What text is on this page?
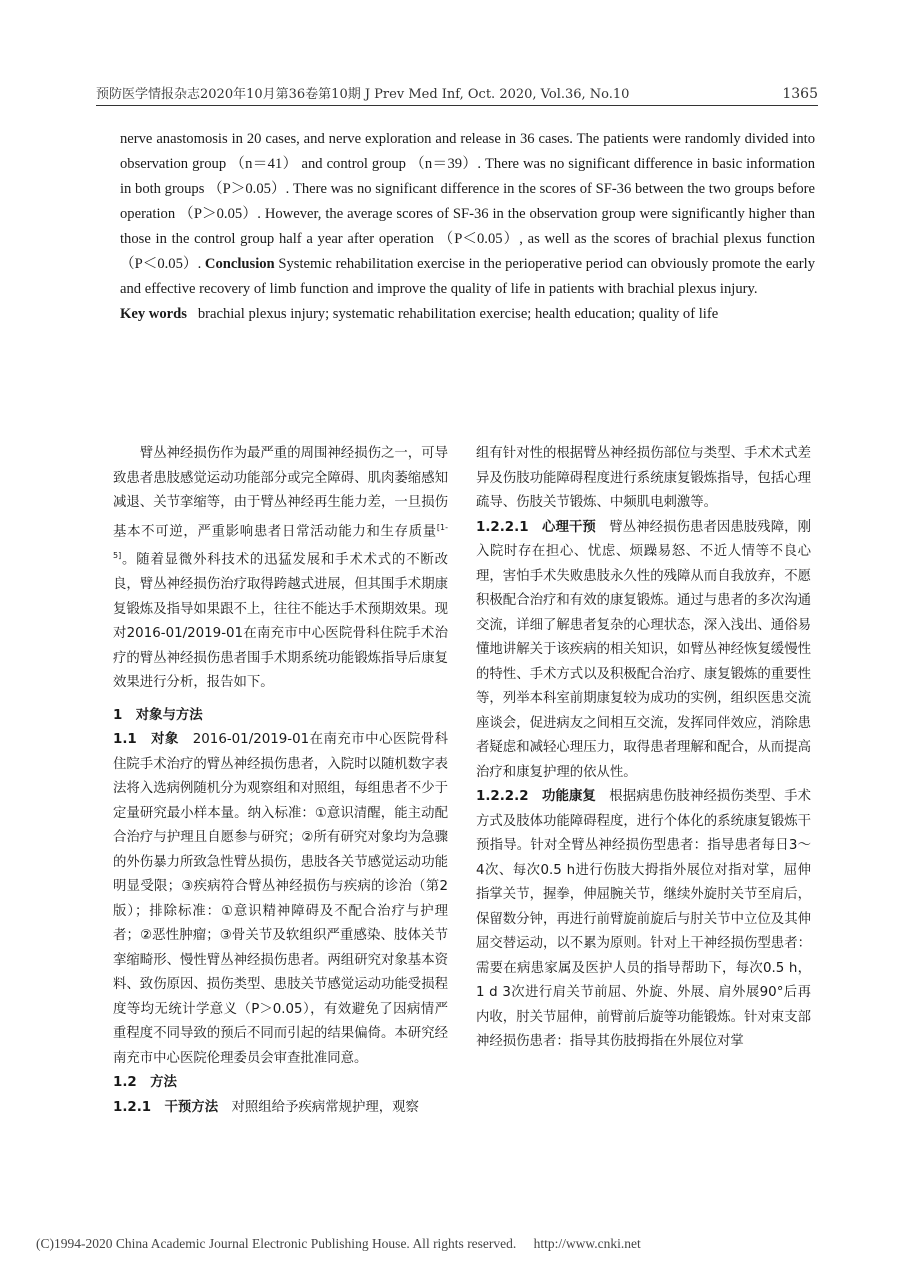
预防医学情报杂志2020年10月第36卷第10期 J Prev Med Inf, Oct. 2020, Vol.36, No.10	1365

nerve anastomosis in 20 cases, and nerve exploration and release in 36 cases. The patients were randomly divided into observation group （n＝41） and control group （n＝39）. There was no significant difference in basic information in both groups （P＞0.05）. There was no significant difference in the scores of SF-36 between the two groups before operation （P＞0.05）. However, the average scores of SF-36 in the observation group were significantly higher than those in the control group half a year after operation （P＜0.05）, as well as the scores of brachial plexus function （P＜0.05）. Conclusion Systemic rehabilitation exercise in the perioperative period can obviously promote the early and effective recovery of limb function and improve the quality of life in patients with brachial plexus injury.

Key words brachial plexus injury; systematic rehabilitation exercise; health education; quality of life

臂丛神经损伤作为最严重的周围神经损伤之一，可导致患者患肢感觉运动功能部分或完全障碍、肌肉萎缩感知减退、关节挛缩等，由于臂丛神经再生能力差，一旦损伤基本不可逆，严重影响患者日常活动能力和生存质量[1-5]。随着显微外科技术的迅猛发展和手术术式的不断改良，臂丛神经损伤治疗取得跨越式进展，但其围手术期康复锻炼及指导如果跟不上，往往不能达手术预期效果。现对2016-01/2019-01在南充市中心医院骨科住院手术治疗的臂丛神经损伤患者围手术期系统功能锻炼指导后康复效果进行分析，报告如下。

1　对象与方法

1.1　对象　2016-01/2019-01在南充市中心医院骨科住院手术治疗的臂丛神经损伤患者，入院时以随机数字表法将入选病例随机分为观察组和对照组，每组患者不少于定量研究最小样本量。纳入标准：①意识清醒，能主动配合治疗与护理且自愿参与研究；②所有研究对象均为急骤的外伤暴力所致急性臂丛损伤，患肢各关节感觉运动功能明显受限；③疾病符合臂丛神经损伤与疾病的诊治（第2版）；排除标准：①意识精神障碍及不配合治疗与护理者；②恶性肿瘤；③骨关节及软组织严重感染、肢体关节挛缩畸形、慢性臂丛神经损伤患者。两组研究对象基本资料、致伤原因、损伤类型、患肢关节感觉运动功能受损程度等均无统计学意义（P＞0.05），有效避免了因病情严重程度不同导致的预后不同而引起的结果偏倚。本研究经南充市中心医院伦理委员会审查批准同意。

1.2　方法

1.2.1　干预方法　对照组给予疾病常规护理，观察

组有针对性的根据臂丛神经损伤部位与类型、手术术式差异及伤肢功能障碍程度进行系统康复锻炼指导，包括心理疏导、伤肢关节锻炼、中频肌电刺激等。

1.2.2.1　心理干预　臂丛神经损伤患者因患肢残障，刚入院时存在担心、忧虑、烦躁易怒、不近人情等不良心理，害怕手术失败患肢永久性的残障从而自我放弃，不愿积极配合治疗和有效的康复锻炼。通过与患者的多次沟通交流，详细了解患者复杂的心理状态，深入浅出、通俗易懂地讲解关于该疾病的相关知识，如臂丛神经恢复缓慢性的特性、手术方式以及积极配合治疗、康复锻炼的重要性等，列举本科室前期康复较为成功的实例，组织医患交流座谈会，促进病友之间相互交流，发挥同伴效应，消除患者疑虑和减轻心理压力，取得患者理解和配合，从而提高治疗和康复护理的依从性。

1.2.2.2　功能康复　根据病患伤肢神经损伤类型、手术方式及肢体功能障碍程度，进行个体化的系统康复锻炼干预指导。针对全臂丛神经损伤型患者：指导患者每日3～4次、每次0.5 h进行伤肢大拇指外展位对指对掌，屈伸指掌关节，握拳，伸屈腕关节，继续外旋肘关节至肩后，保留数分钟，再进行前臂旋前旋后与肘关节中立位及其伸屈交替运动，以不累为原则。针对上干神经损伤型患者：需要在病患家属及医护人员的指导帮助下，每次0.5 h，1 d 3次进行肩关节前屈、外旋、外展、肩外展90°后再内收，肘关节屈伸，前臂前后旋等功能锻炼。针对束支部神经损伤患者：指导其伤肢拇指在外展位对掌

(C)1994-2020 China Academic Journal Electronic Publishing House. All rights reserved. http://www.cnki.net
